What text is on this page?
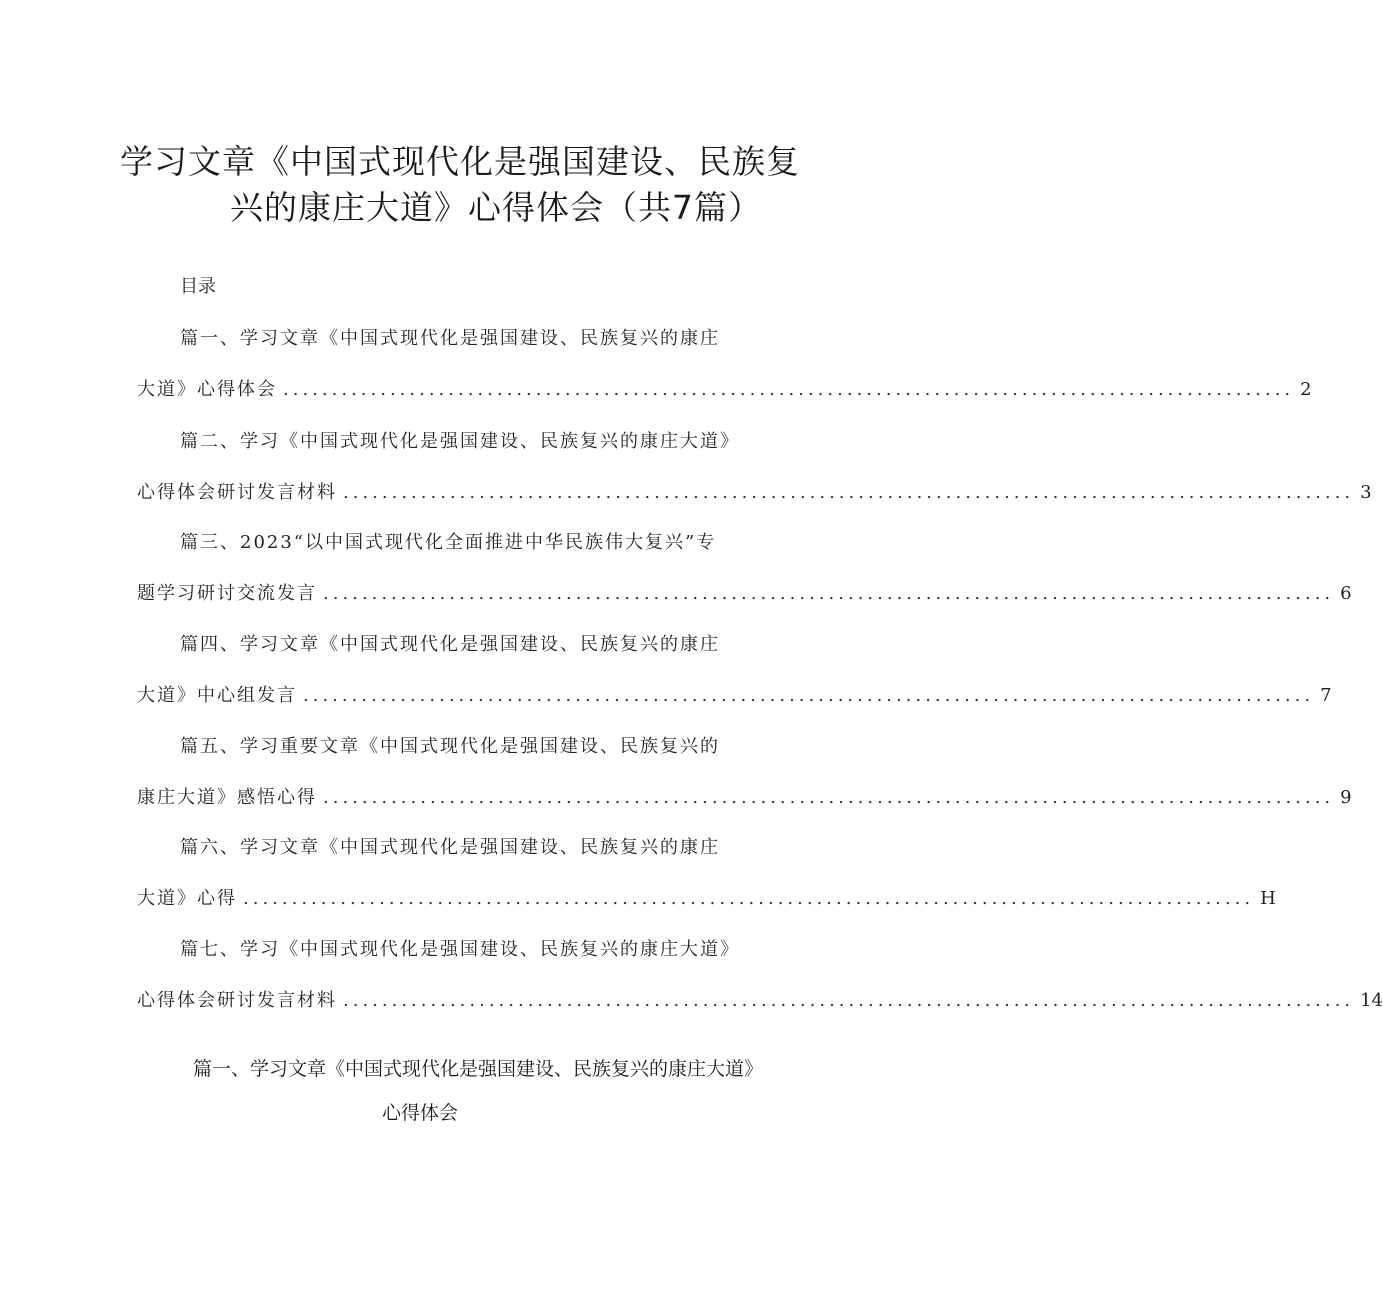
学习文章《中国式现代化是强国建设、民族复
兴的康庄大道》心得体会（共7篇）
目录
篇一、学习文章《中国式现代化是强国建设、民族复兴的康庄
大道》心得体会 ........................................................................................................ 2
篇二、学习《中国式现代化是强国建设、民族复兴的康庄大道》
心得体会研讨发言材料 ........................................................................................................ 3
篇三、2023“以中国式现代化全面推进中华民族伟大复兴”专
题学习研讨交流发言 ........................................................................................................ 6
篇四、学习文章《中国式现代化是强国建设、民族复兴的康庄
大道》中心组发言 ........................................................................................................ 7
篇五、学习重要文章《中国式现代化是强国建设、民族复兴的
康庄大道》感悟心得 ........................................................................................................ 9
篇六、学习文章《中国式现代化是强国建设、民族复兴的康庄
大道》心得 ........................................................................................................ H
篇七、学习《中国式现代化是强国建设、民族复兴的康庄大道》
心得体会研讨发言材料 ........................................................................................................ 14
篇一、学习文章《中国式现代化是强国建设、民族复兴的康庄大道》
心得体会
